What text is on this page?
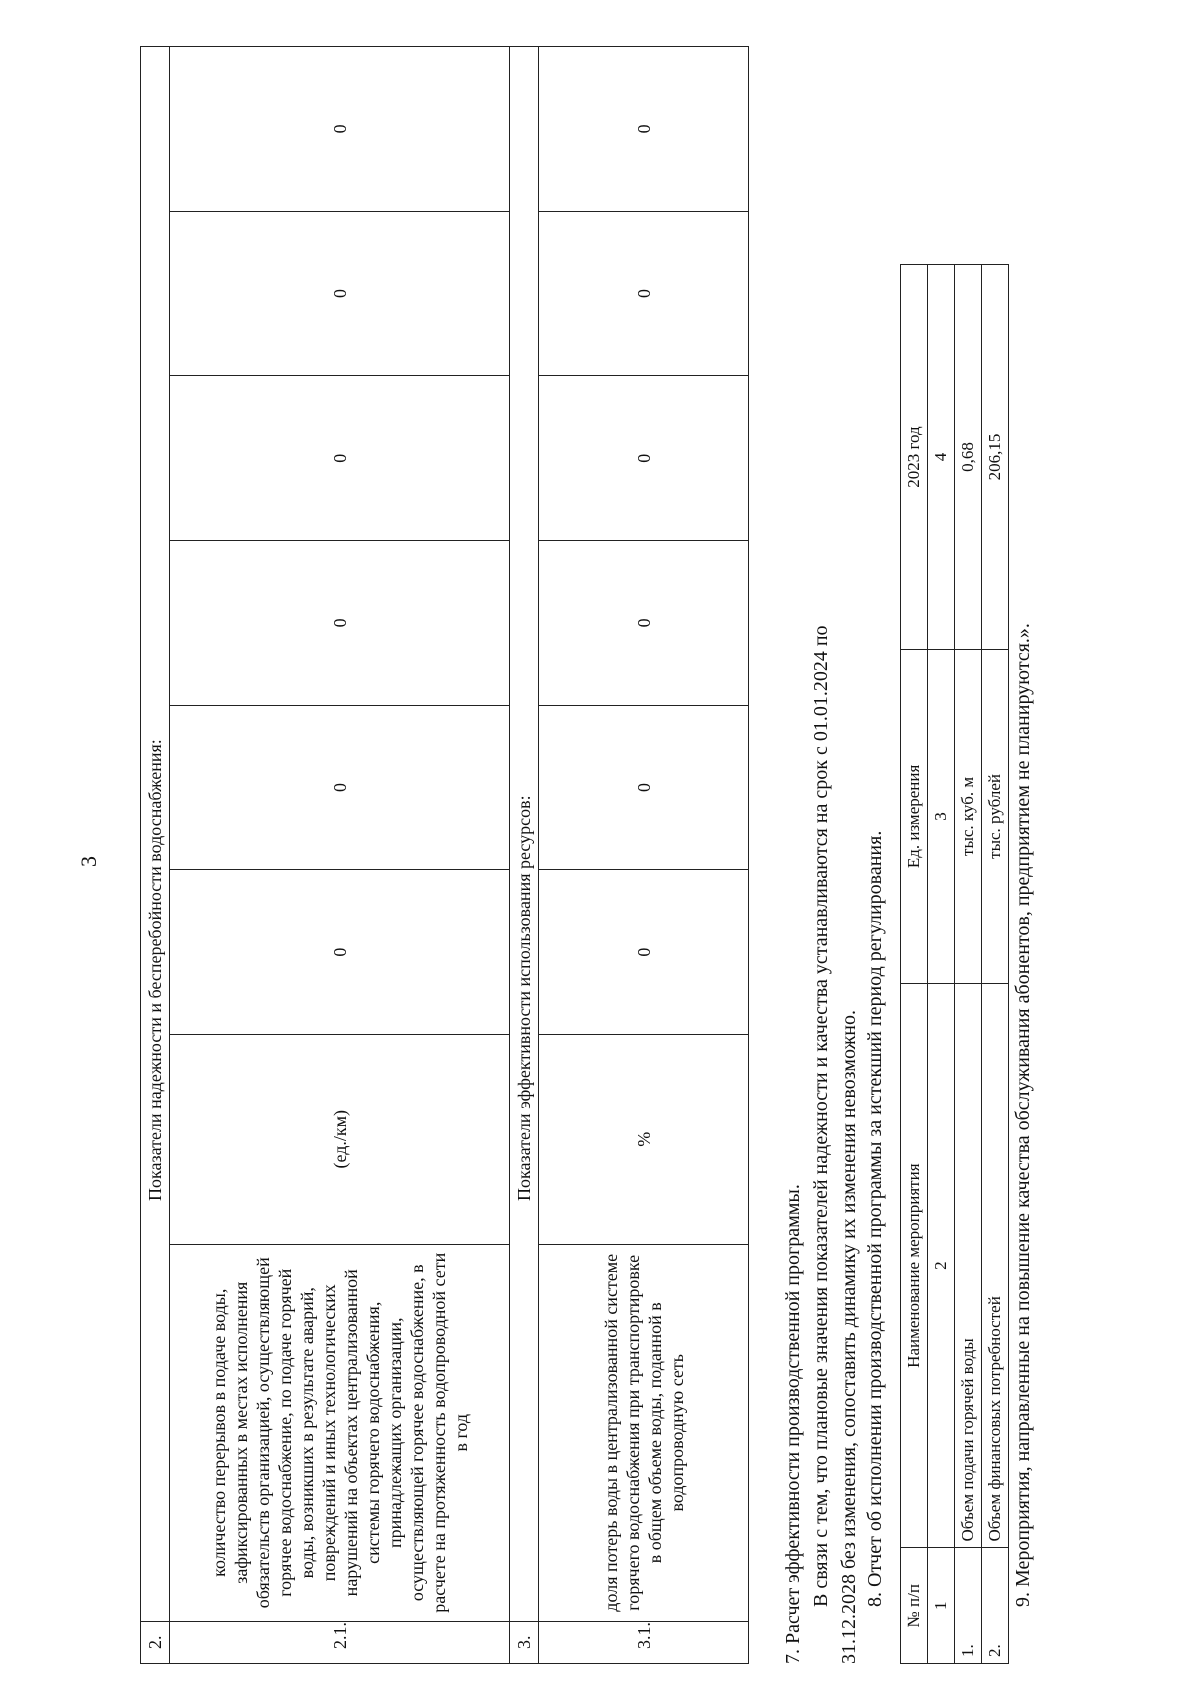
3
2.	Показатели надежности и бесперебойности водоснабжения:							
2.1.	количество перерывов в подаче воды, зафиксированных в местах исполнения обязательств организацией, осуществляющей горячее водоснабжение, по подаче горячей воды, возникших в результате аварий, повреждений и иных технологических нарушений на объектах централизованной системы горячего водоснабжения, принадлежащих организации, осуществляющей горячее водоснабжение, в расчете на протяженность водопроводной сети в год	(ед./км)	0	0	0	0	0	0
3.	Показатели эффективности использования ресурсов:							
3.1.	доля потерь воды в централизованной системе горячего водоснабжения при транспортировке в общем объеме воды, поданной в водопроводную сеть	%	0	0	0	0	0	0
7. Расчет эффективности производственной программы. В связи с тем, что плановые значения показателей надежности и качества устанавливаются на срок с 01.01.2024 по 31.12.2028 без изменения, сопоставить динамику их изменения невозможно. 8. Отчет об исполнении производственной программы за истекший период регулирования. № п/п	Наименование мероприятия	Ед. измерения	2023 год
1	2	3	4
1.	Объем подачи горячей воды	тыс. куб. м	0,68
2.	Объем финансовых потребностей	тыс. рублей	206,15
9. Мероприятия, направленные на повышение качества обслуживания абонентов, предприятием не планируются.».
